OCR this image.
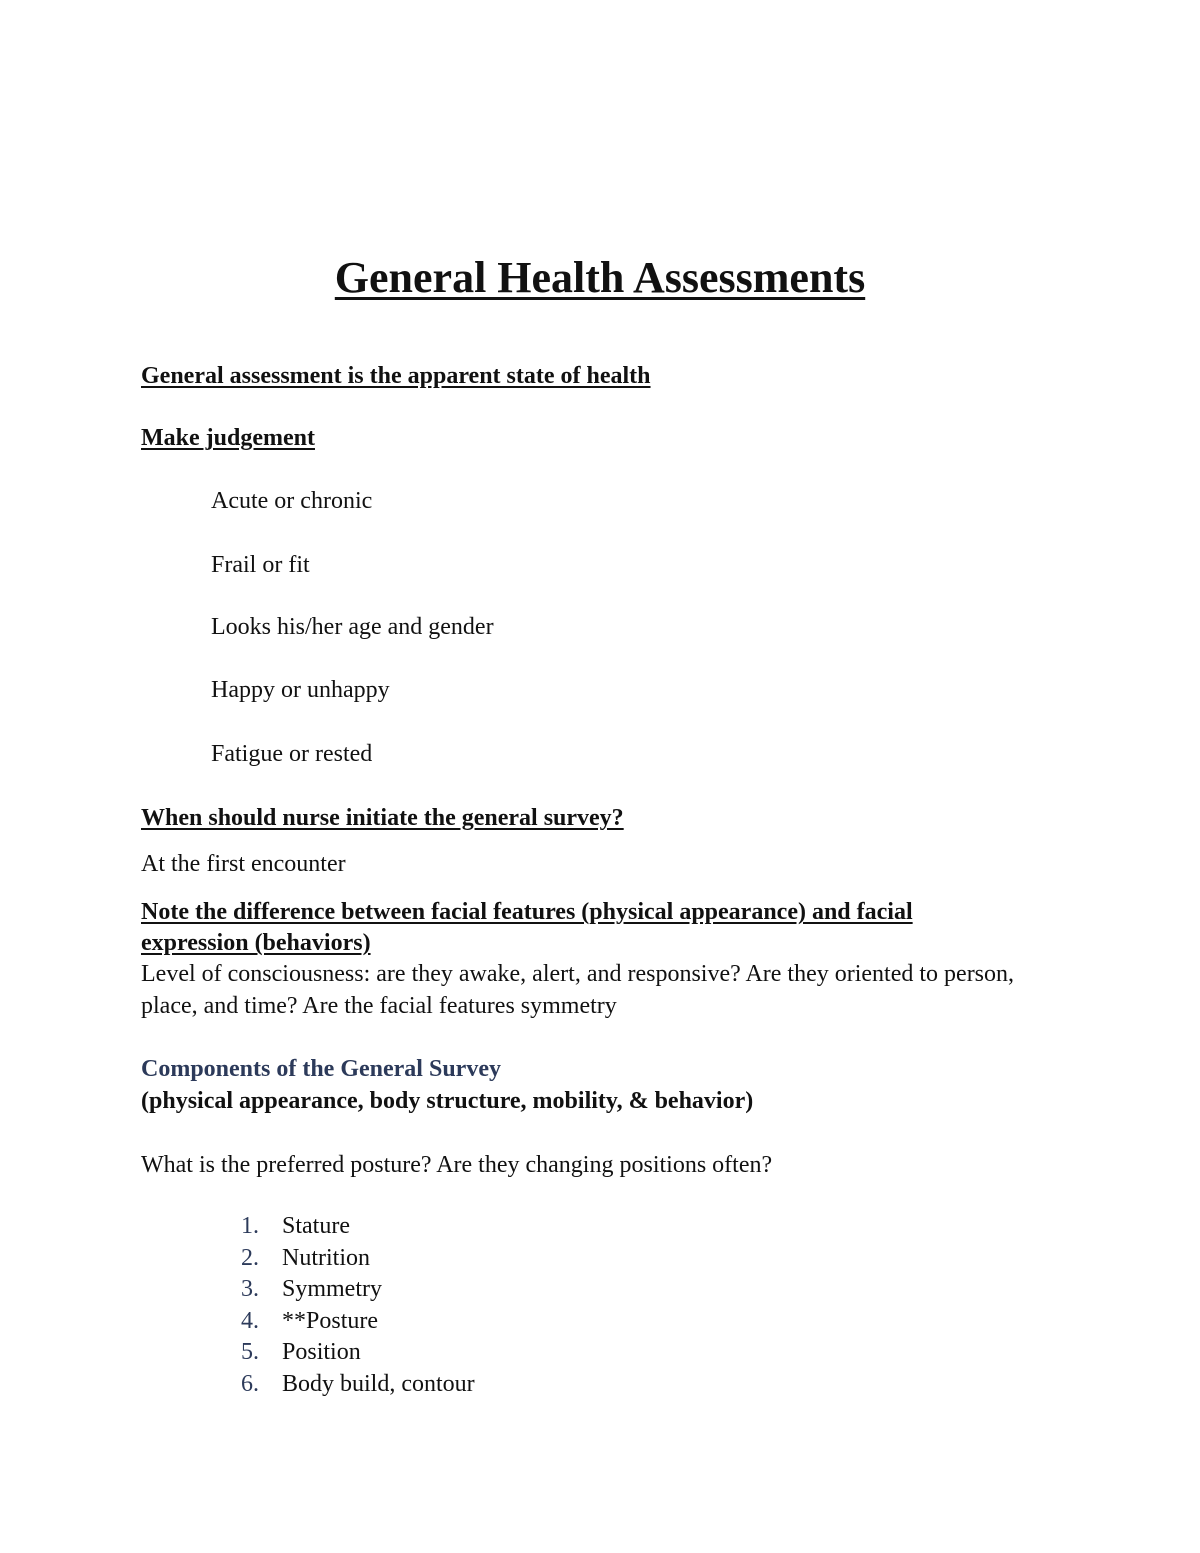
General Health Assessments

General assessment is the apparent state of health

Make judgement

Acute or chronic

Frail or fit

Looks his/her age and gender

Happy or unhappy

Fatigue or rested

When should nurse initiate the general survey?

At the first encounter

Note the difference between facial features (physical appearance) and facial

expression (behaviors)

Level of consciousness: are they awake, alert, and responsive? Are they oriented to person, place, and time? Are the facial features symmetry

Components of the General Survey

(physical appearance, body structure, mobility, & behavior)

What is the preferred posture? Are they changing positions often?

1. Stature
2. Nutrition
3. Symmetry
4. **Posture
5. Position
6. Body build, contour
